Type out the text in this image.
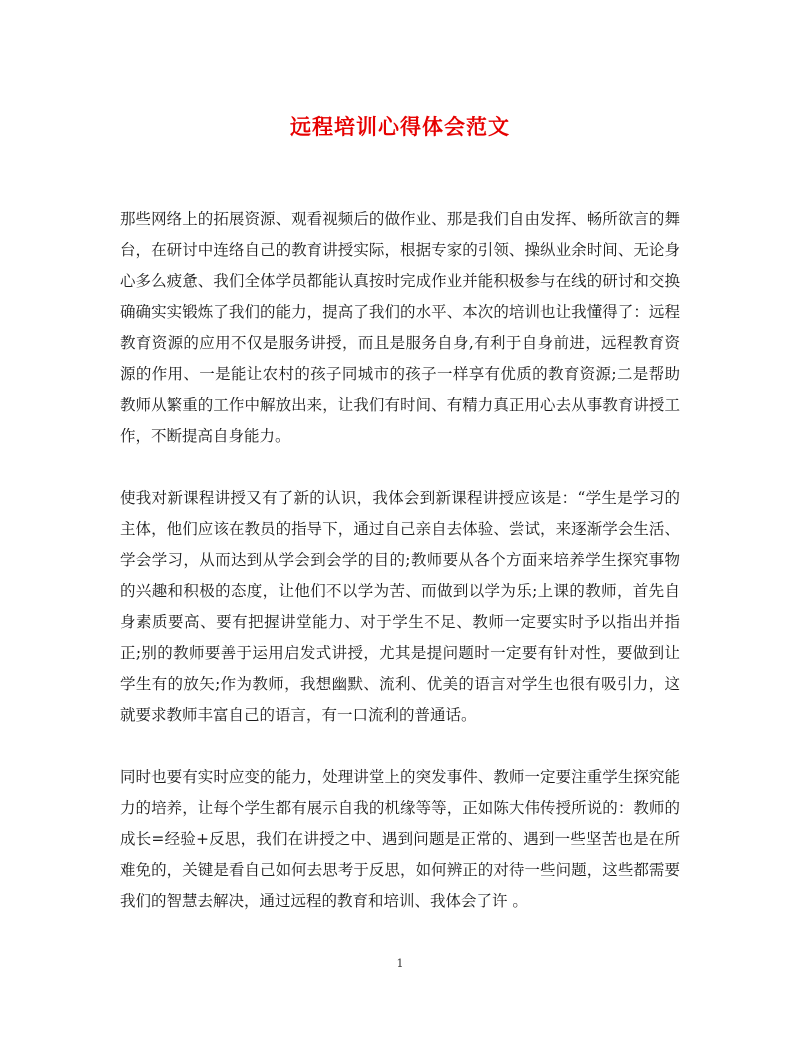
远程培训心得体会范文

那些网络上的拓展资源、观看视频后的做作业、那是我们自由发挥、畅所欲言的舞台，在研讨中连络自己的教育讲授实际，根据专家的引领、操纵业余时间、无论身心多么疲惫、我们全体学员都能认真按时完成作业并能积极参与在线的研讨和交换确确实实锻炼了我们的能力，提高了我们的水平、本次的培训也让我懂得了：远程教育资源的应用不仅是服务讲授，而且是服务自身,有利于自身前进，远程教育资源的作用、一是能让农村的孩子同城市的孩子一样享有优质的教育资源;二是帮助教师从繁重的工作中解放出来，让我们有时间、有精力真正用心去从事教育讲授工作，不断提高自身能力。

使我对新课程讲授又有了新的认识，我体会到新课程讲授应该是：“学生是学习的主体，他们应该在教员的指导下，通过自己亲自去体验、尝试，来逐渐学会生活、学会学习，从而达到从学会到会学的目的;教师要从各个方面来培养学生探究事物的兴趣和积极的态度，让他们不以学为苦、而做到以学为乐;上课的教师，首先自身素质要高、要有把握讲堂能力、对于学生不足、教师一定要实时予以指出并指正;别的教师要善于运用启发式讲授，尤其是提问题时一定要有针对性，要做到让学生有的放矢;作为教师，我想幽默、流利、优美的语言对学生也很有吸引力，这就要求教师丰富自己的语言，有一口流利的普通话。

同时也要有实时应变的能力，处理讲堂上的突发事件、教师一定要注重学生探究能力的培养，让每个学生都有展示自我的机缘等等，正如陈大伟传授所说的：教师的成长=经验+反思，我们在讲授之中、遇到问题是正常的、遇到一些坚苦也是在所难免的，关键是看自己如何去思考于反思，如何辨正的对待一些问题，这些都需要我们的智慧去解决，通过远程的教育和培训、我体会了许 。

1
